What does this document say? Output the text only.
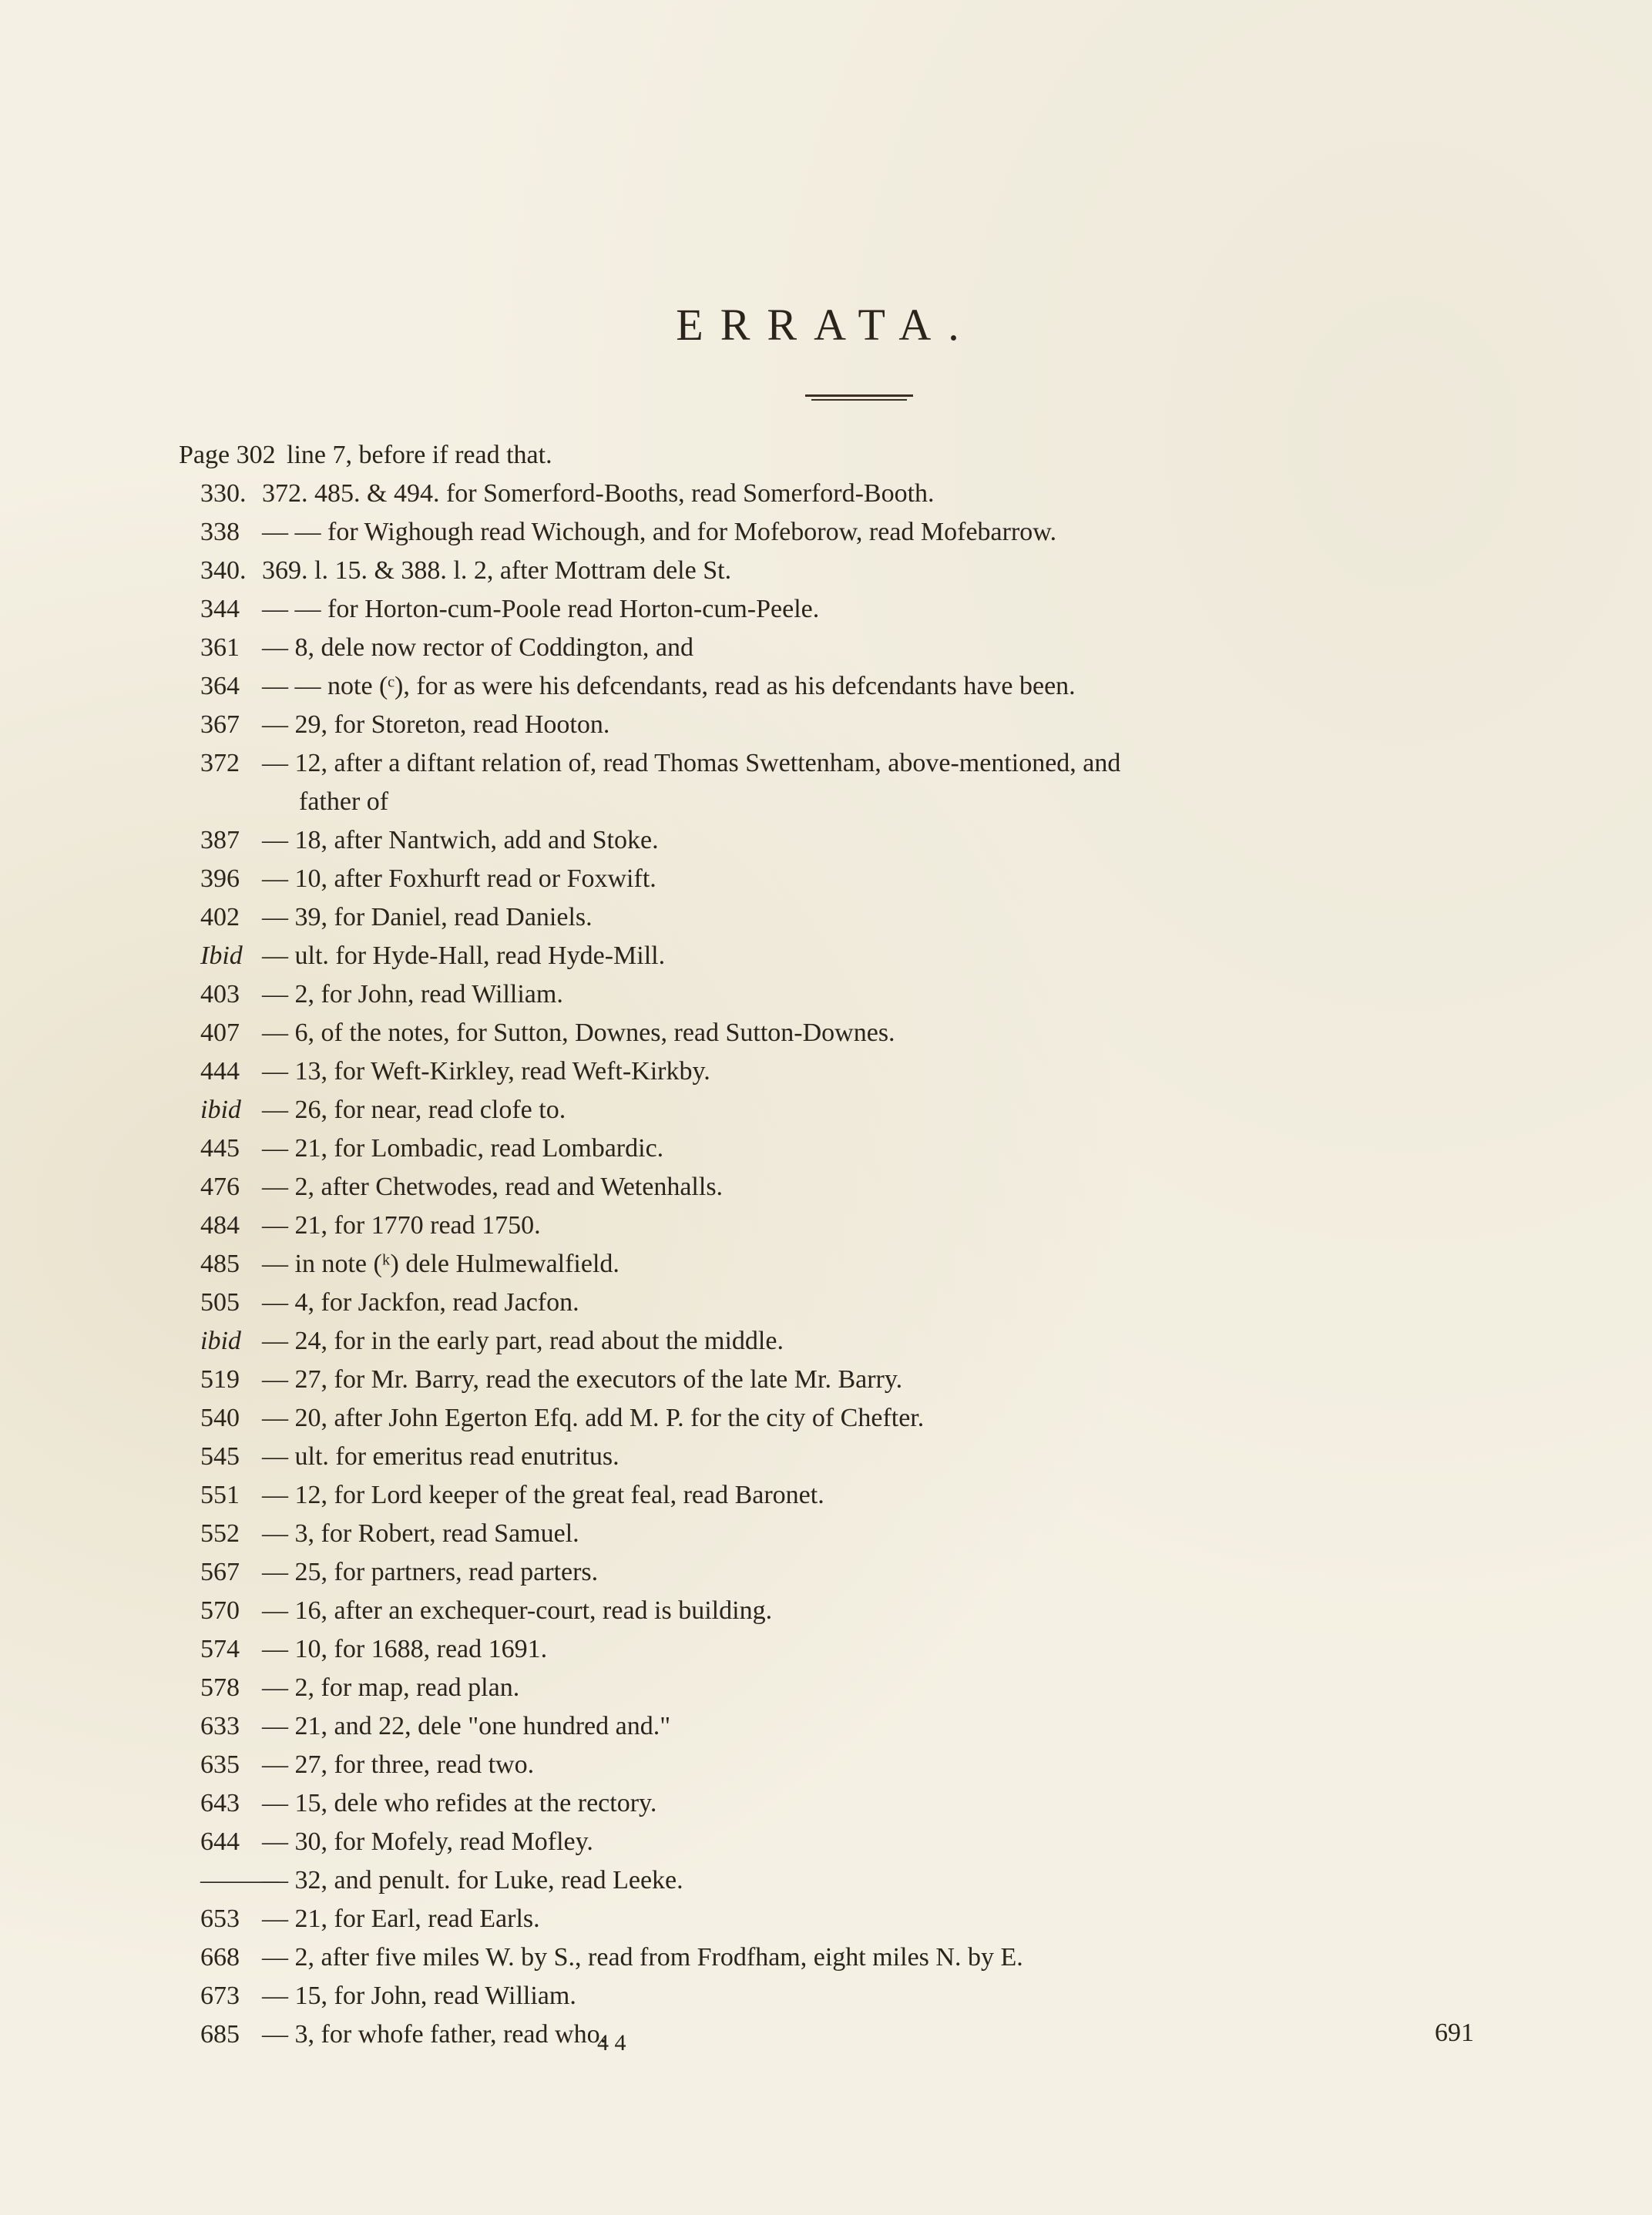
ERRATA.
Page 302 line 7, before if read that.
330. 372. 485. & 494. for Somerford-Booths, read Somerford-Booth.
338 — — for Wighough read Wichough, and for Mofeborow, read Mofebarrow.
340. 369. l. 15. & 388. l. 2, after Mottram dele St.
344 — — for Horton-cum-Poole read Horton-cum-Peele.
361 — 8, dele now rector of Coddington, and
364 — — note (ᶜ), for as were his defcendants, read as his defcendants have been.
367 — 29, for Storeton, read Hooton.
372 — 12, after a diftant relation of, read Thomas Swettenham, above-mentioned, and
father of
387 — 18, after Nantwich, add and Stoke.
396 — 10, after Foxhurft read or Foxwift.
402 — 39, for Daniel, read Daniels.
Ibid — ult. for Hyde-Hall, read Hyde-Mill.
403 — 2, for John, read William.
407 — 6, of the notes, for Sutton, Downes, read Sutton-Downes.
444 — 13, for Weft-Kirkley, read Weft-Kirkby.
ibid — 26, for near, read clofe to.
445 — 21, for Lombadic, read Lombardic.
476 — 2, after Chetwodes, read and Wetenhalls.
484 — 21, for 1770 read 1750.
485 — in note (ᵏ) dele Hulmewalfield.
505 — 4, for Jackfon, read Jacfon.
ibid — 24, for in the early part, read about the middle.
519 — 27, for Mr. Barry, read the executors of the late Mr. Barry.
540 — 20, after John Egerton Efq. add M. P. for the city of Chefter.
545 — ult. for emeritus read enutritus.
551 — 12, for Lord keeper of the great feal, read Baronet.
552 — 3, for Robert, read Samuel.
567 — 25, for partners, read parters.
570 — 16, after an exchequer-court, read is building.
574 — 10, for 1688, read 1691.
578 — 2, for map, read plan.
633 — 21, and 22, dele "one hundred and."
635 — 27, for three, read two.
643 — 15, dele who refides at the rectory.
644 — 30, for Mofely, read Mofley.
———
— 32, and penult. for Luke, read Leeke.
653 — 21, for Earl, read Earls.
668 — 2, after five miles W. by S., read from Frodfham, eight miles N. by E.
673 — 15, for John, read William.
685 — 3, for whofe father, read who.
4 4	691
